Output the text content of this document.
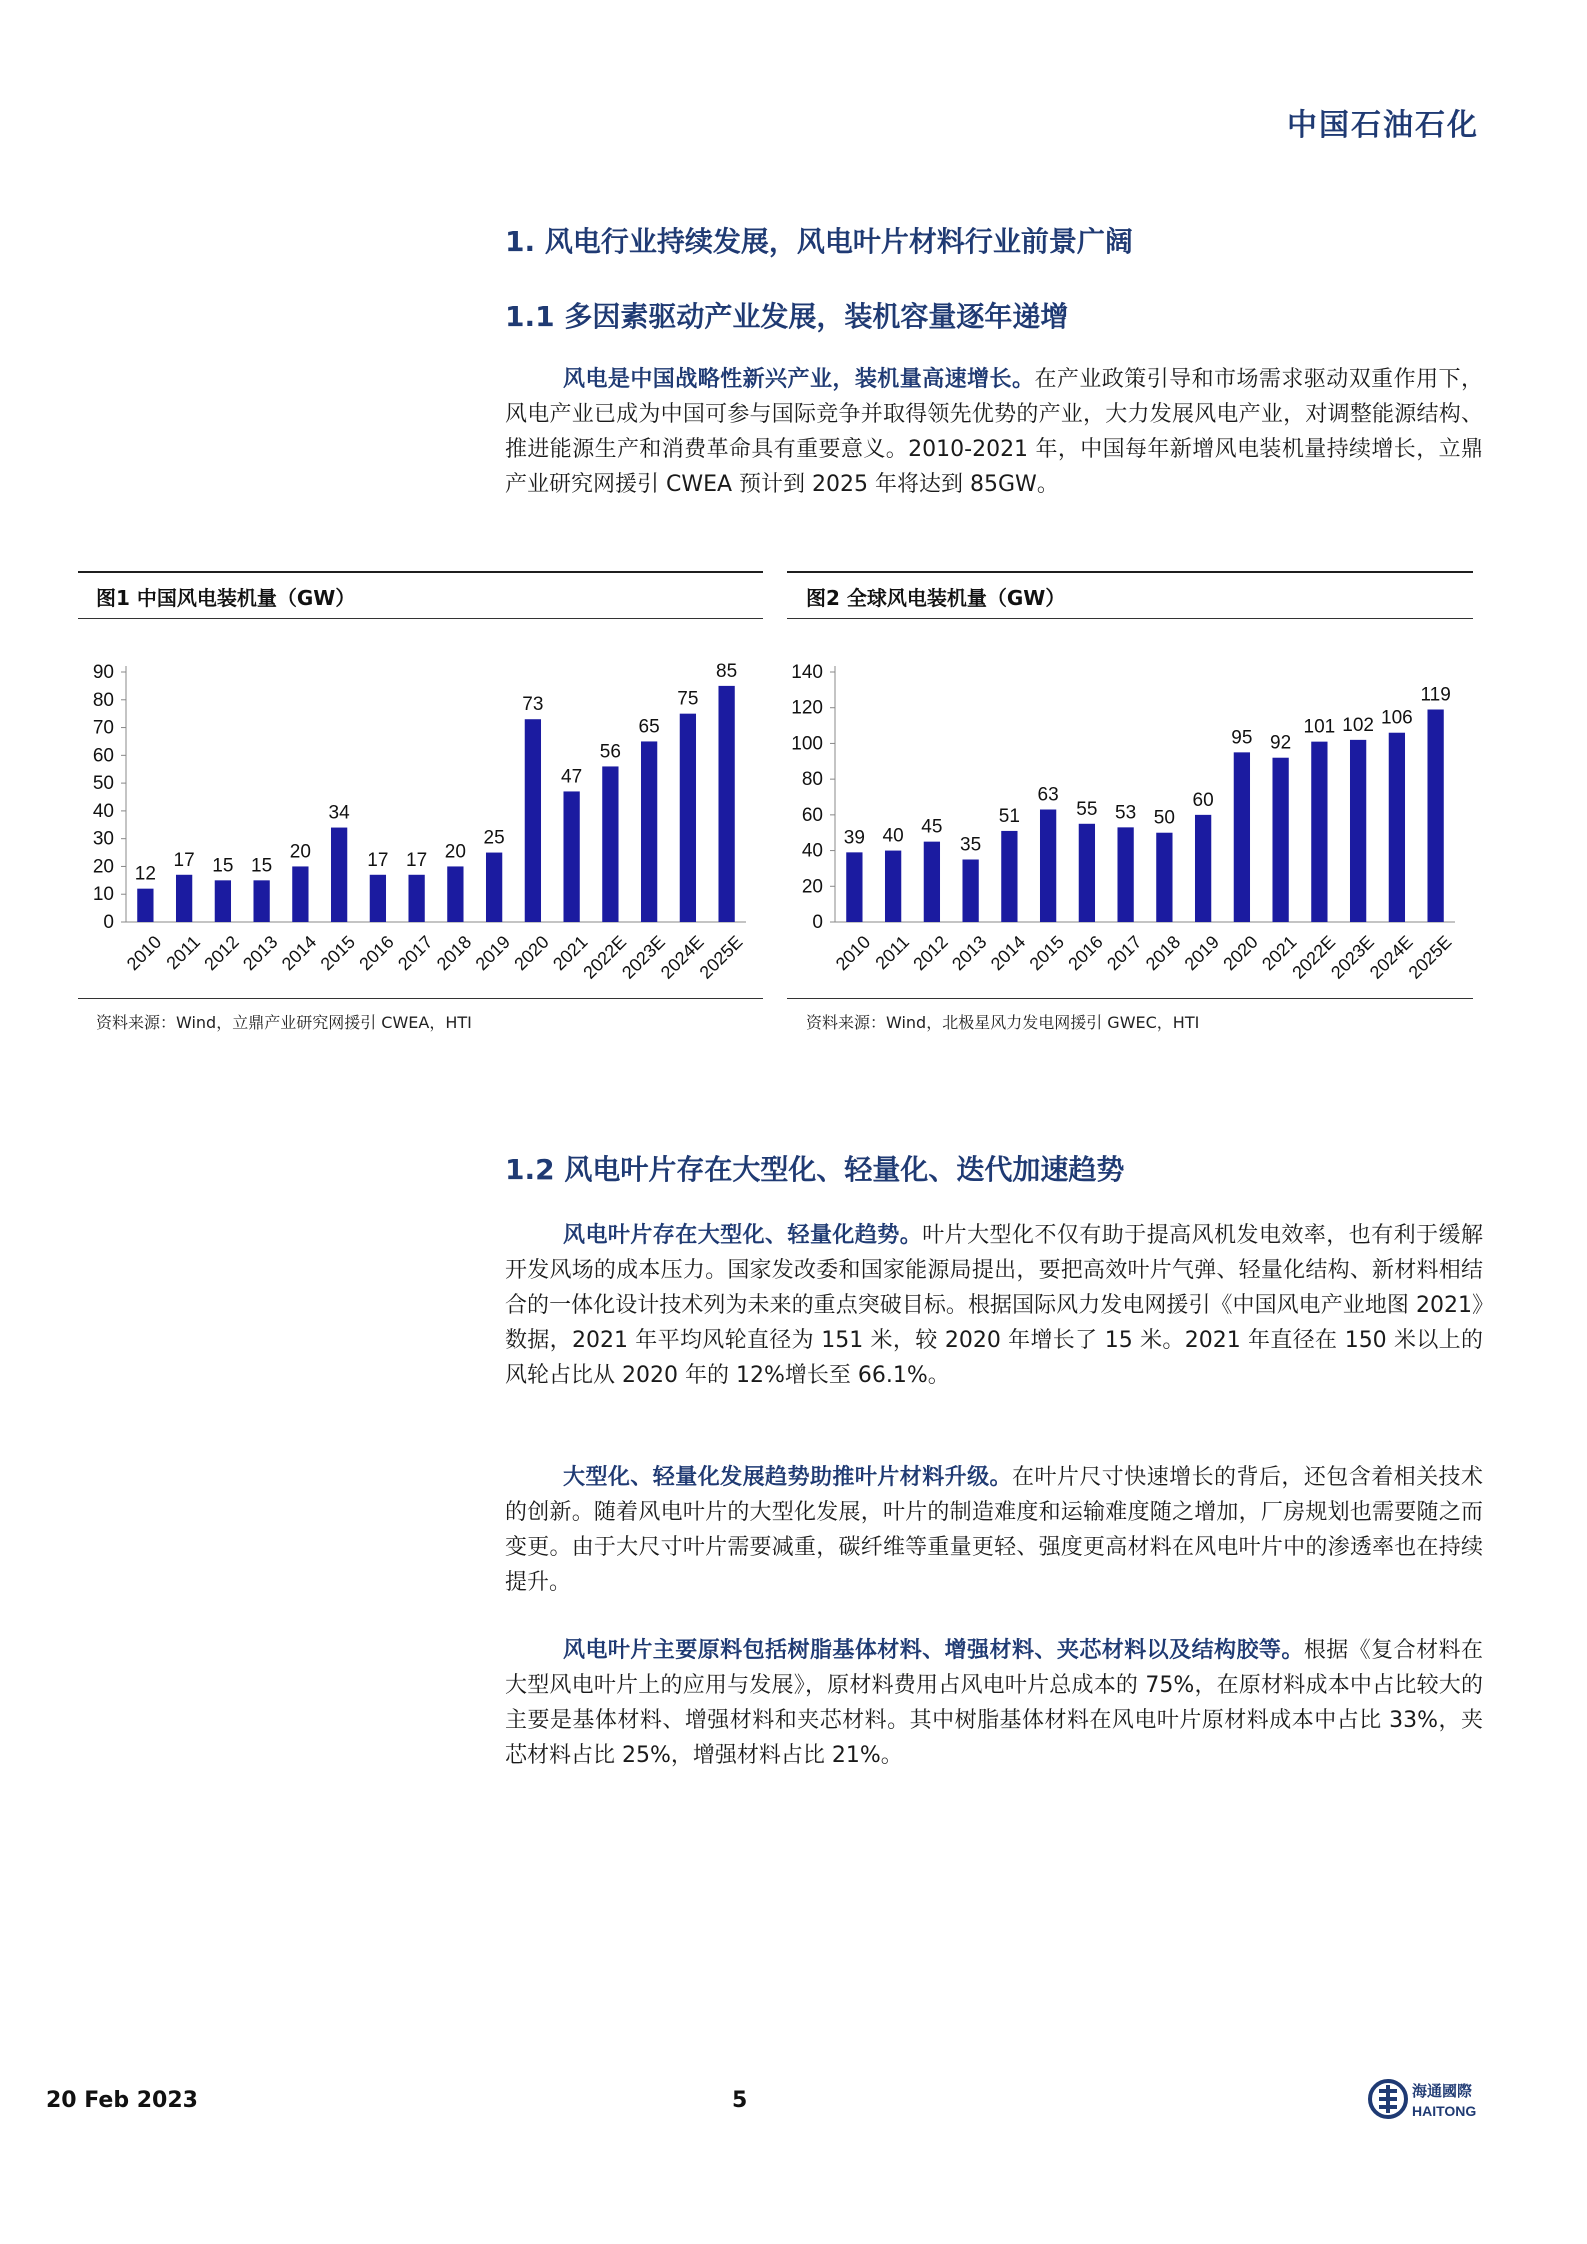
中国石油石化
1. 风电行业持续发展，风电叶片材料行业前景广阔
1.1 多因素驱动产业发展，装机容量逐年递增
风电是中国战略性新兴产业，装机量高速增长。在产业政策引导和市场需求驱动双重作用下，风电产业已成为中国可参与国际竞争并取得领先优势的产业，大力发展风电产业，对调整能源结构、推进能源生产和消费革命具有重要意义。2010-2021 年，中国每年新增风电装机量持续增长，立鼎产业研究网援引 CWEA 预计到 2025 年将达到 85GW。
图1 中国风电装机量（GW）
0
10
20
30
40
50
60
70
80
90
12
2010
17
2011
15
2012
15
2013
20
2014
34
2015
17
2016
17
2017
20
2018
25
2019
73
2020
47
2021
56
2022E
65
2023E
75
2024E
85
2025E
资料来源：Wind，立鼎产业研究网援引 CWEA，HTI
图2 全球风电装机量（GW）
0
20
40
60
80
100
120
140
39
2010
40
2011
45
2012
35
2013
51
2014
63
2015
55
2016
53
2017
50
2018
60
2019
95
2020
92
2021
101
2022E
102
2023E
106
2024E
119
2025E
资料来源：Wind，北极星风力发电网援引 GWEC，HTI
1.2 风电叶片存在大型化、轻量化、迭代加速趋势
风电叶片存在大型化、轻量化趋势。叶片大型化不仅有助于提高风机发电效率，也有利于缓解开发风场的成本压力。国家发改委和国家能源局提出，要把高效叶片气弹、轻量化结构、新材料相结合的一体化设计技术列为未来的重点突破目标。根据国际风力发电网援引《中国风电产业地图 2021》数据，2021 年平均风轮直径为 151 米，较 2020 年增长了 15 米。2021 年直径在 150 米以上的风轮占比从 2020 年的 12%增长至 66.1%。
大型化、轻量化发展趋势助推叶片材料升级。在叶片尺寸快速增长的背后，还包含着相关技术的创新。随着风电叶片的大型化发展，叶片的制造难度和运输难度随之增加，厂房规划也需要随之而变更。由于大尺寸叶片需要减重，碳纤维等重量更轻、强度更高材料在风电叶片中的渗透率也在持续提升。
风电叶片主要原料包括树脂基体材料、增强材料、夹芯材料以及结构胶等。根据《复合材料在大型风电叶片上的应用与发展》，原材料费用占风电叶片总成本的 75%，在原材料成本中占比较大的主要是基体材料、增强材料和夹芯材料。其中树脂基体材料在风电叶片原材料成本中占比 33%，夹芯材料占比 25%，增强材料占比 21%。
20 Feb 2023	5	海通國際
HAITONG
